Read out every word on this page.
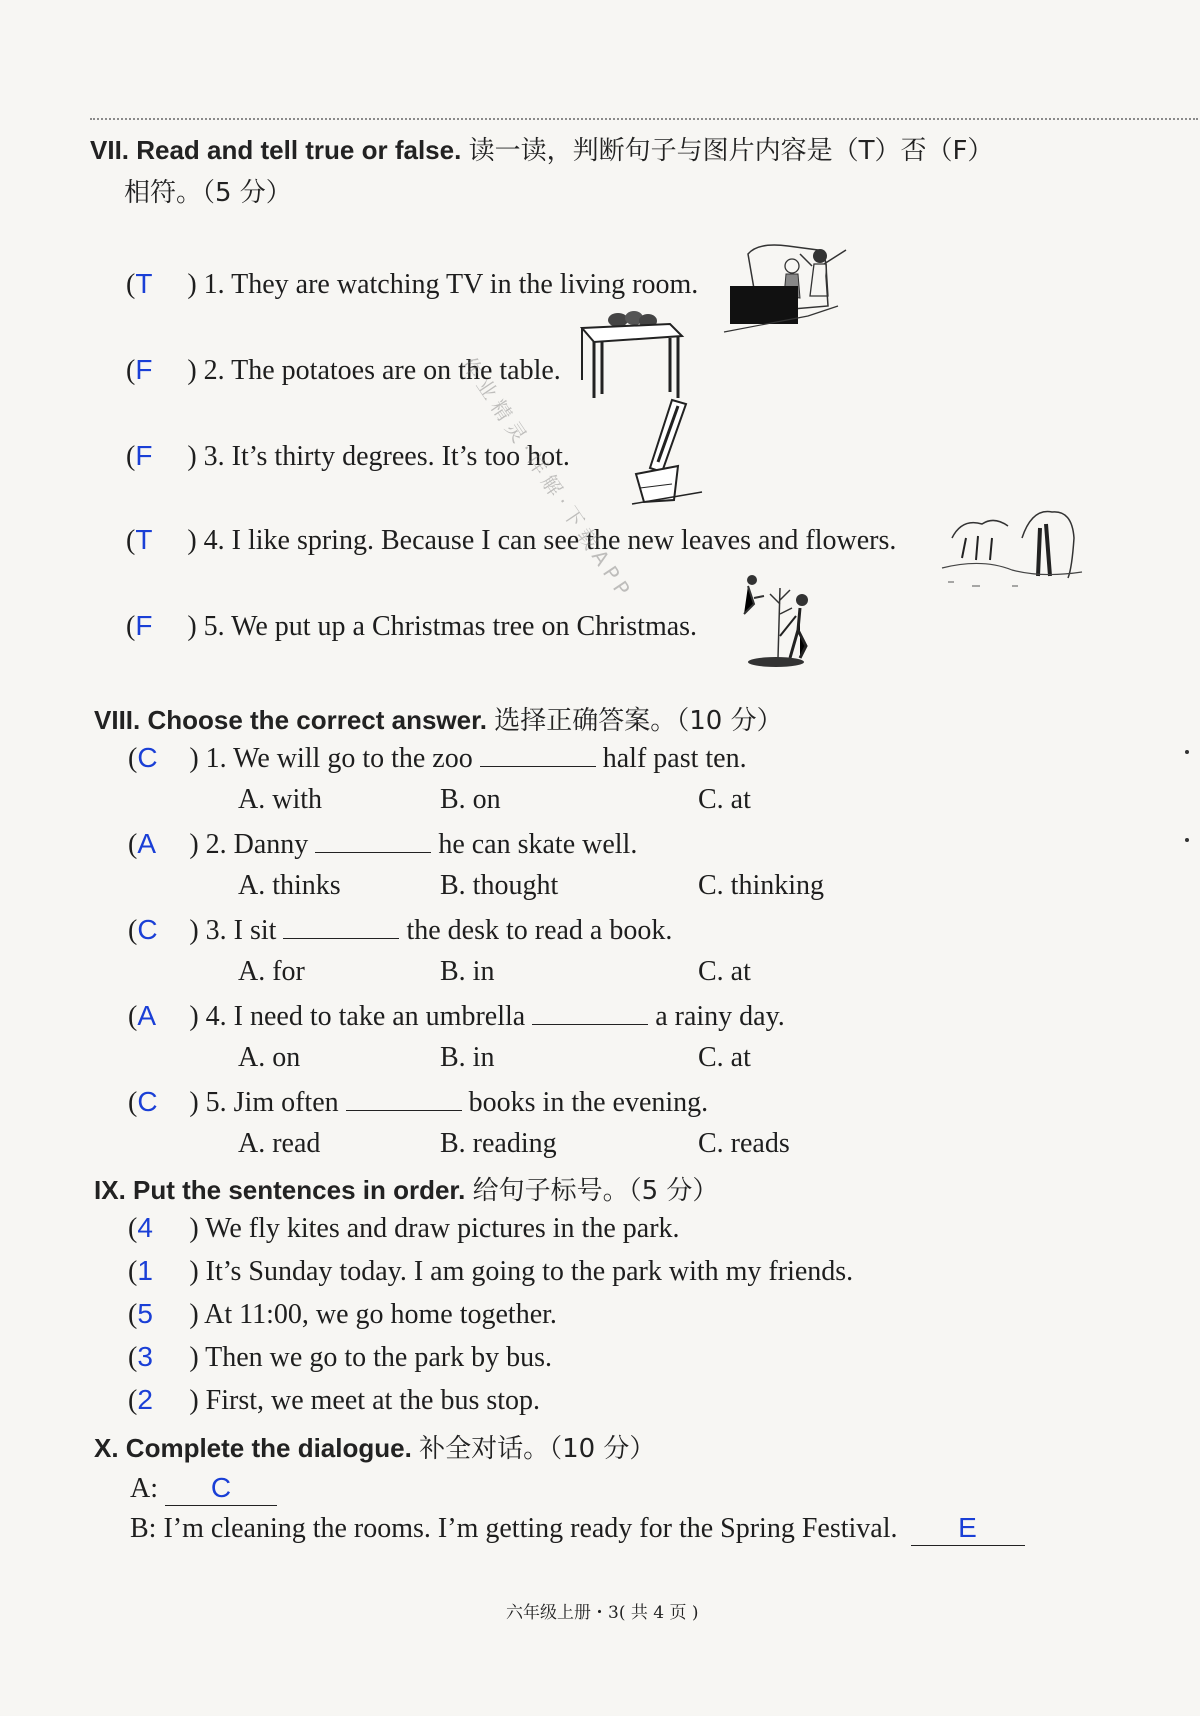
VII. Read and tell true or false. 读一读，判断句子与图片内容是（T）否（F）
相符。（5 分）
(T ) 1. They are watching TV in the living room.
(F ) 2. The potatoes are on the table.
(F ) 3. It’s thirty degrees. It’s too hot.
(T ) 4. I like spring. Because I can see the new leaves and flowers.
(F ) 5. We put up a Christmas tree on Christmas.
VIII. Choose the correct answer. 选择正确答案。（10 分）
(C ) 1. We will go to the zoo	half past ten.
A. with	B. on	C. at
(A ) 2. Danny	he can skate well.
A. thinks	B. thought	C. thinking
(C ) 3. I sit	the desk to read a book.
A. for	B. in	C. at
(A ) 4. I need to take an umbrella	a rainy day.
A. on	B. in	C. at
(C ) 5. Jim often	books in the evening.
A. read	B. reading	C. reads
IX. Put the sentences in order. 给句子标号。（5 分）
(4 ) We fly kites and draw pictures in the park.
(1 ) It’s Sunday today. I am going to the park with my friends.
(5 ) At 11:00, we go home together.
(3 ) Then we go to the park by bus.
(2 ) First, we meet at the bus stop.
X. Complete the dialogue. 补全对话。（10 分）
A: C
B: I’m cleaning the rooms. I’m getting ready for the Spring Festival. E
六年级上册・3( 共 4 页 )
作业精灵·详解·下载APP
